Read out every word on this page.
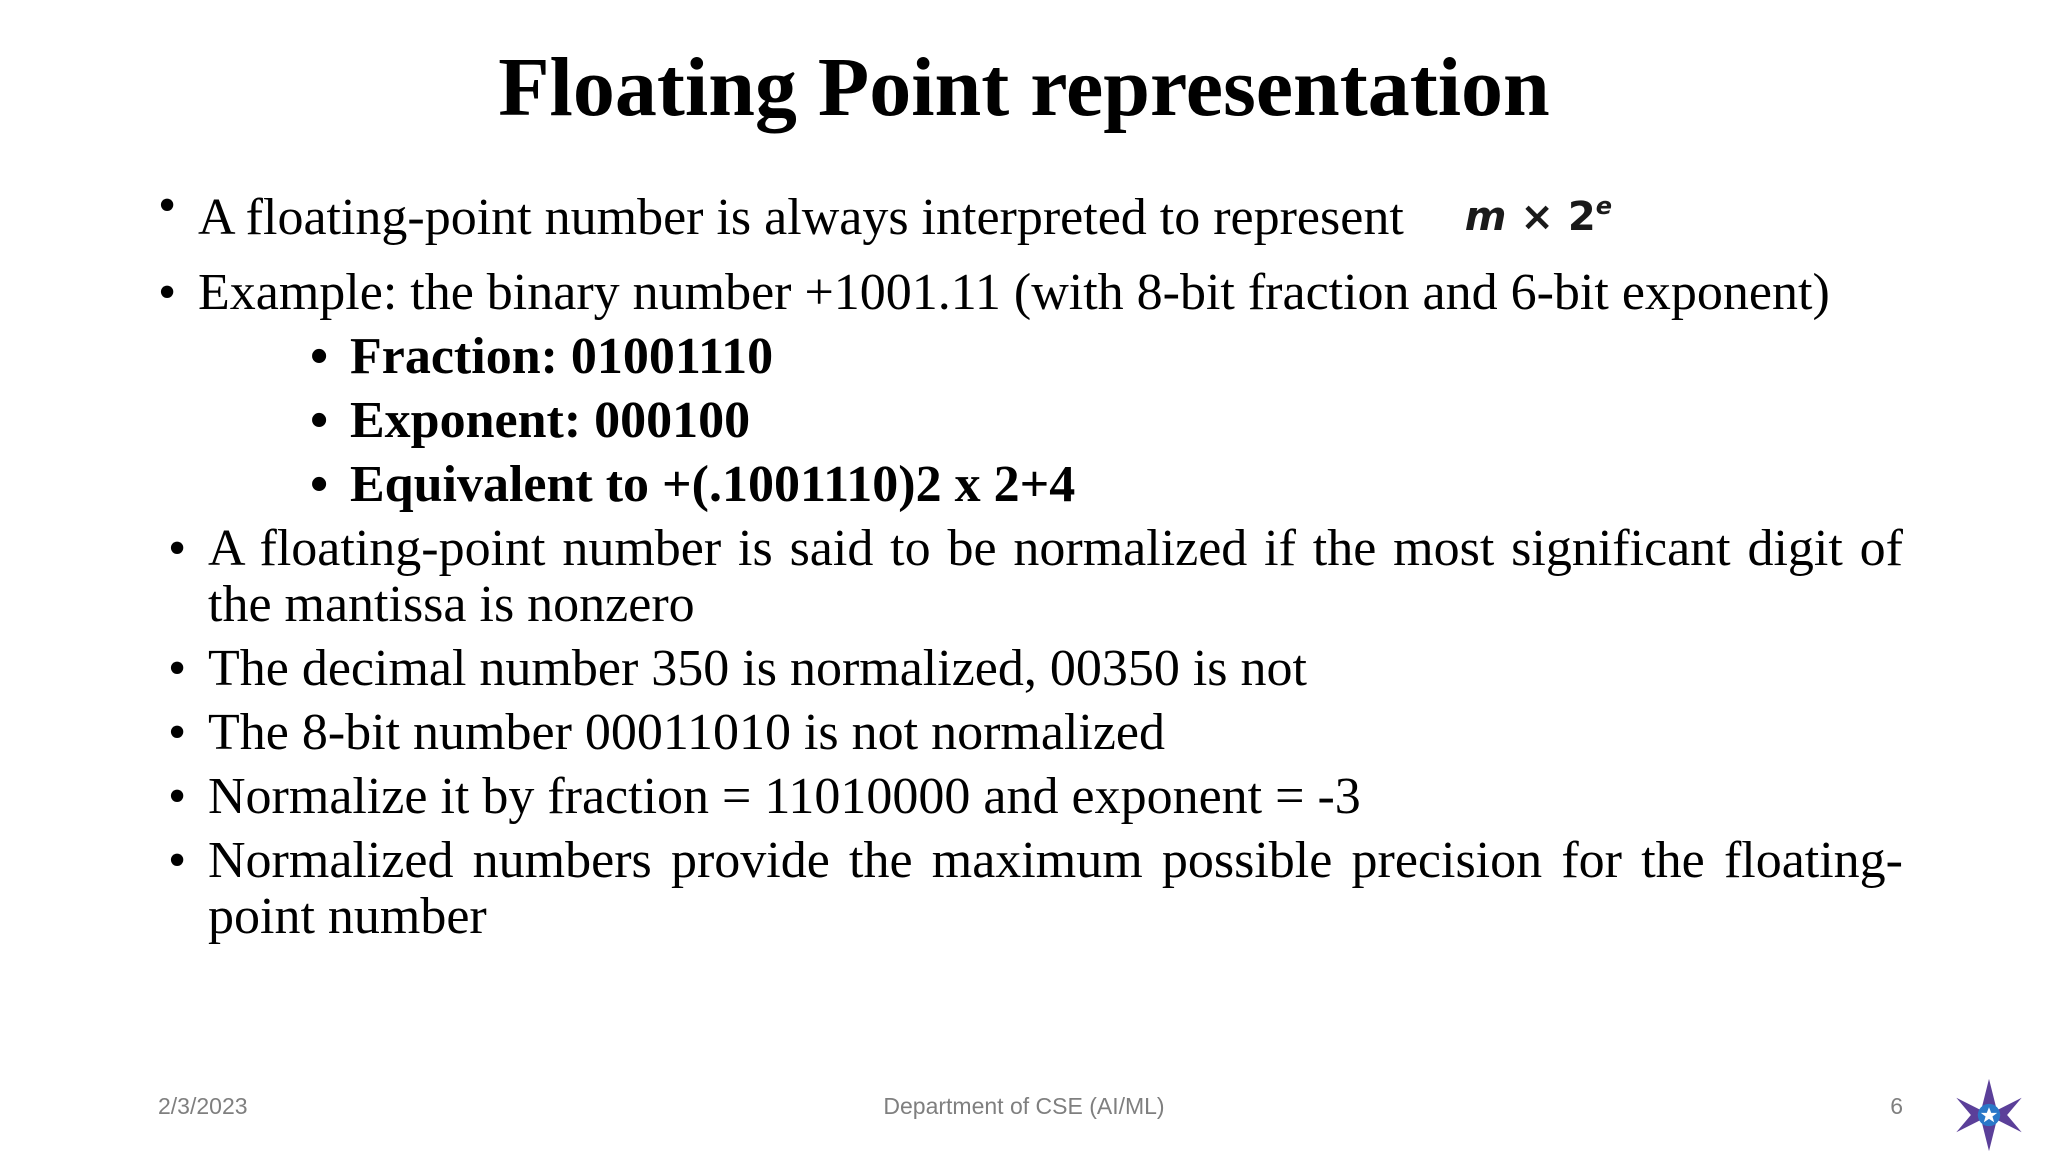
Floating Point representation
• A floating-point number is always interpreted to represent $m \times 2^e$
• Example: the binary number +1001.11 (with 8-bit fraction and 6-bit exponent)
• Fraction: 01001110
• Exponent: 000100
• Equivalent to +(.1001110)2 x 2+4
• A floating-point number is said to be normalized if the most significant digit of the mantissa is nonzero
• The decimal number 350 is normalized, 00350 is not
• The 8-bit number 00011010 is not normalized
• Normalize it by fraction = 11010000 and exponent = -3
• Normalized numbers provide the maximum possible precision for the floating-point number
2/3/2023	Department of CSE (AI/ML)	6
